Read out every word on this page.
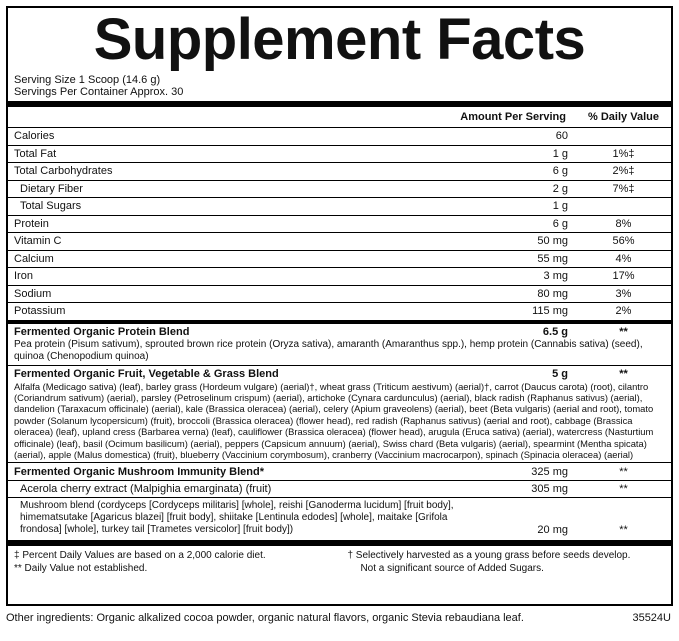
Supplement Facts
Serving Size 1 Scoop (14.6 g)
Servings Per Container Approx. 30
Amount Per Serving	% Daily Value
Calories	60
Total Fat	1 g	1%‡
Total Carbohydrates	6 g	2%‡
Dietary Fiber	2 g	7%‡
Total Sugars	1 g
Protein	6 g	8%
Vitamin C	50 mg	56%
Calcium	55 mg	4%
Iron	3 mg	17%
Sodium	80 mg	3%
Potassium	115 mg	2%
Fermented Organic Protein Blend	6.5 g	**
Pea protein (Pisum sativum), sprouted brown rice protein (Oryza sativa), amaranth (Amaranthus spp.), hemp protein (Cannabis sativa) (seed), quinoa (Chenopodium quinoa)
Fermented Organic Fruit, Vegetable & Grass Blend	5 g	**
Alfalfa (Medicago sativa) (leaf), barley grass (Hordeum vulgare) (aerial)†, wheat grass (Triticum aestivum) (aerial)†, carrot (Daucus carota) (root), cilantro (Coriandrum sativum) (aerial), parsley (Petroselinum crispum) (aerial), artichoke (Cynara cardunculus) (aerial), black radish (Raphanus sativus) (aerial), dandelion (Taraxacum officinale) (aerial), kale (Brassica oleracea) (aerial), celery (Apium graveolens) (aerial), beet (Beta vulgaris) (aerial and root), tomato powder (Solanum lycopersicum) (fruit), broccoli (Brassica oleracea) (flower head), red radish (Raphanus sativus) (aerial and root), cabbage (Brassica oleracea) (leaf), upland cress (Barbarea verna) (leaf), cauliflower (Brassica oleracea) (flower head), arugula (Eruca sativa) (aerial), watercress (Nasturtium officinale) (leaf), basil (Ocimum basilicum) (aerial), peppers (Capsicum annuum) (aerial), Swiss chard (Beta vulgaris) (aerial), spearmint (Mentha spicata) (aerial), apple (Malus domestica) (fruit), blueberry (Vaccinium corymbosum), cranberry (Vaccinium macrocarpon), spinach (Spinacia oleracea) (aerial)
Fermented Organic Mushroom Immunity Blend*	325 mg	**
Acerola cherry extract (Malpighia emarginata) (fruit)	305 mg	**
Mushroom blend (cordyceps [Cordyceps militaris] [whole], reishi [Ganoderma lucidum] [fruit body], himematsutake [Agaricus blazei] [fruit body], shiitake [Lentinula edodes] [whole], maitake [Grifola frondosa] [whole], turkey tail [Trametes versicolor] [fruit body])	20 mg	**
‡ Percent Daily Values are based on a 2,000 calorie diet.
** Daily Value not established.
† Selectively harvested as a young grass before seeds develop.
Not a significant source of Added Sugars.
Other ingredients: Organic alkalized cocoa powder, organic natural flavors, organic Stevia rebaudiana leaf.	35524U
